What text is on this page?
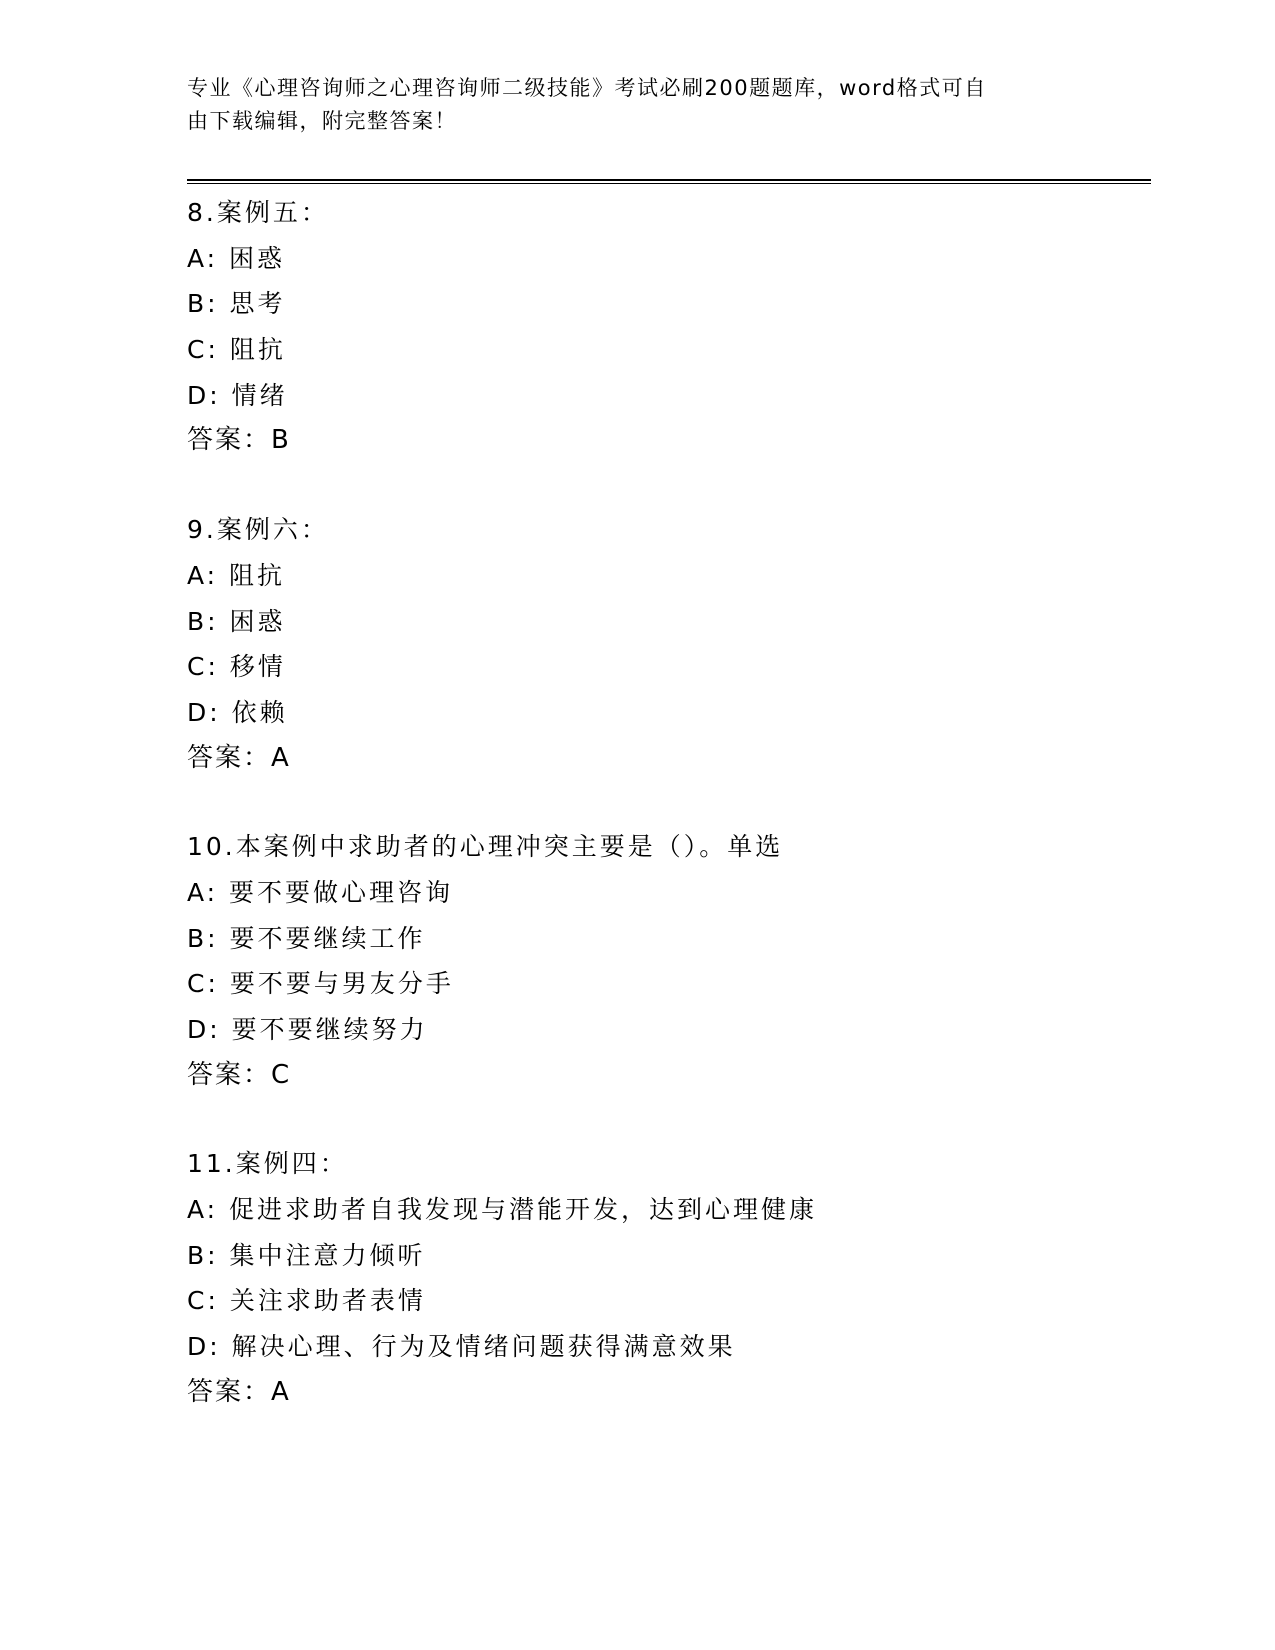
专业《心理咨询师之心理咨询师二级技能》考试必刷200题题库，word格式可自
由下载编辑，附完整答案！
8.案例五：
A: 困惑
B: 思考
C: 阻抗
D: 情绪
答案：B
9.案例六：
A: 阻抗
B: 困惑
C: 移情
D: 依赖
答案：A
10.本案例中求助者的心理冲突主要是（）。单选
A: 要不要做心理咨询
B: 要不要继续工作
C: 要不要与男友分手
D: 要不要继续努力
答案：C
11.案例四：
A: 促进求助者自我发现与潜能开发，达到心理健康
B: 集中注意力倾听
C: 关注求助者表情
D: 解决心理、行为及情绪问题获得满意效果
答案：A
